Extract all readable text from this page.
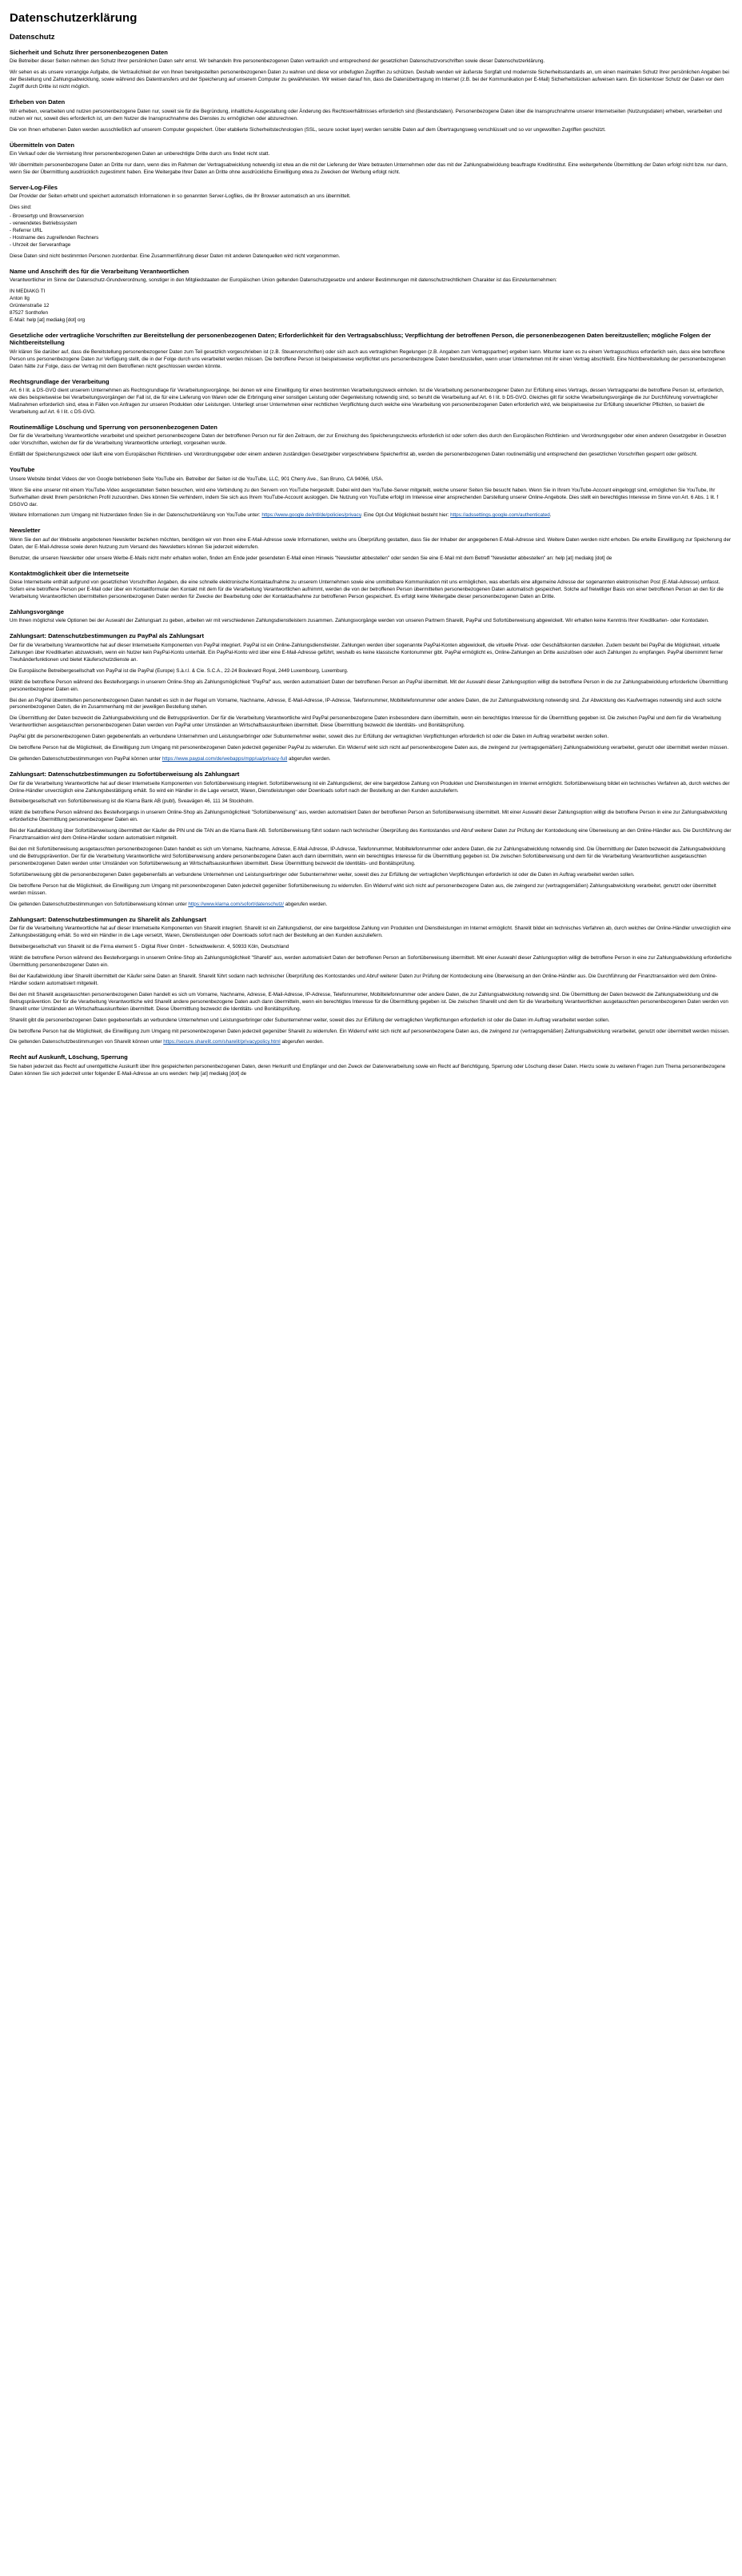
Datenschutzerklärung
Datenschutz
Sicherheit und Schutz Ihrer personenbezogenen Daten

Die Betreiber dieser Seiten nehmen den Schutz Ihrer persönlichen Daten sehr ernst. Wir behandeln Ihre personenbezogenen Daten vertraulich und entsprechend der gesetzlichen Datenschutzvorschriften sowie dieser Datenschutzerklärung.

Wir sehen es als unsere vorrangige Aufgabe, die Vertraulichkeit der von Ihnen bereitgestellten personenbezogenen Daten zu wahren und diese vor unbefugten Zugriffen zu schützen. Deshalb wenden wir äußerste Sorgfalt und modernste Sicherheitsstandards an, um einen maximalen Schutz Ihrer persönlichen Angaben bei der Bestellung und Zahlungsabwicklung, sowie während des Datentransfers und der Speicherung auf unserem Computer zu gewährleisten. Wir weisen darauf hin, dass die Datenübertragung im Internet (z.B. bei der Kommunikation per E-Mail) Sicherheitslücken aufweisen kann. Ein lückenloser Schutz der Daten vor dem Zugriff durch Dritte ist nicht möglich.

Erheben von Daten

Wir erheben, verarbeiten und nutzen personenbezogene Daten nur, soweit sie für die Begründung, inhaltliche Ausgestaltung oder Änderung des Rechtsverhältnisses erforderlich sind (Bestandsdaten). Personenbezogene Daten über die Inanspruchnahme unserer Internetseiten (Nutzungsdaten) erheben, verarbeiten und nutzen wir nur, soweit dies erforderlich ist, um dem Nutzer die Inanspruchnahme des Dienstes zu ermöglichen oder abzurechnen.

Die von Ihnen erhobenen Daten werden ausschließlich auf unserem Computer gespeichert. Über etablierte Sicherheitstechnologien (SSL, secure socket layer) werden sensible Daten auf dem Übertragungsweg verschlüsselt und so vor ungewollten Zugriffen geschützt.

Übermitteln von Daten

Ein Verkauf oder die Vermietung Ihrer personenbezogenen Daten an unberechtigte Dritte durch uns findet nicht statt.

Wir übermitteln personenbezogene Daten an Dritte nur dann, wenn dies im Rahmen der Vertragsabwicklung notwendig ist etwa an die mit der Lieferung der Ware betrauten Unternehmen oder das mit der Zahlungsabwicklung beauftragte Kreditinstitut. Eine weitergehende Übermittlung der Daten erfolgt nicht bzw. nur dann, wenn Sie der Übermittlung ausdrücklich zugestimmt haben. Eine Weitergabe Ihrer Daten an Dritte ohne ausdrückliche Einwilligung etwa zu Zwecken der Werbung erfolgt nicht.

Server-Log-Files

Der Provider der Seiten erhebt und speichert automatisch Informationen in so genannten Server-Logfiles, die Ihr Browser automatisch an uns übermittelt.

Dies sind:

- Browsertyp und Browserversion
- verwendetes Betriebssystem
- Referrer URL
- Hostname des zugreifenden Rechners
- Uhrzeit der Serveranfrage

Diese Daten sind nicht bestimmten Personen zuordenbar. Eine Zusammenführung dieser Daten mit anderen Datenquellen wird nicht vorgenommen.

Name und Anschrift des für die Verarbeitung Verantwortlichen

Verantwortlicher im Sinne der Datenschutz-Grundverordnung, sonstiger in den Mitgliedstaaten der Europäischen Union geltenden Datenschutzgesetze und anderer Bestimmungen mit datenschutzrechtlichem Charakter ist das Einzelunternehmen:

IN MEDIAKG TI
Anton Ilg
Grüntenstraße 12
87527 Sonthofen
E-Mail: help [at] mediakg [dot] org
Gesetzliche oder vertragliche Vorschriften zur Bereitstellung der personenbezogenen Daten; Erforderlichkeit für den Vertragsabschluss; Verpflichtung der betroffenen Person, die personenbezogenen Daten bereitzustellen; mögliche Folgen der Nichtbereitstellung

Wir klären Sie darüber auf, dass die Bereitstellung personenbezogener Daten zum Teil gesetzlich vorgeschrieben ist (z.B. Steuervorschriften) oder sich auch aus vertraglichen Regelungen (z.B. Angaben zum Vertragspartner) ergeben kann. Mitunter kann es zu einem Vertragsschluss erforderlich sein, dass eine betroffene Person uns personenbezogene Daten zur Verfügung stellt, die in der Folge durch uns verarbeitet werden müssen. Die betroffene Person ist beispielsweise verpflichtet uns personenbezogene Daten bereitzustellen, wenn unser Unternehmen mit ihr einen Vertrag abschließt. Eine Nichtbereitstellung der personenbezogenen Daten hätte zur Folge, dass der Vertrag mit dem Betroffenen nicht geschlossen werden könnte.

Rechtsgrundlage der Verarbeitung

Art. 6 I lit. a DS-GVO dient unserem Unternehmen als Rechtsgrundlage für Verarbeitungsvorgänge, bei denen wir eine Einwilligung für einen bestimmten Verarbeitungszweck einholen. Ist die Verarbeitung personenbezogener Daten zur Erfüllung eines Vertrags, dessen Vertragspartei die betroffene Person ist, erforderlich, wie dies beispielsweise bei Verarbeitungsvorgängen der Fall ist, die für eine Lieferung von Waren oder die Erbringung einer sonstigen Leistung oder Gegenleistung notwendig sind, so beruht die Verarbeitung auf Art. 6 I lit. b DS-GVO. Gleiches gilt für solche Verarbeitungsvorgänge die zur Durchführung vorvertraglicher Maßnahmen erforderlich sind, etwa in Fällen von Anfragen zur unseren Produkten oder Leistungen. Unterliegt unser Unternehmen einer rechtlichen Verpflichtung durch welche eine Verarbeitung von personenbezogenen Daten erforderlich wird, wie beispielsweise zur Erfüllung steuerlicher Pflichten, so basiert die Verarbeitung auf Art. 6 I lit. c DS-GVO.

Routinemäßige Löschung und Sperrung von personenbezogenen Daten

Der für die Verarbeitung Verantwortliche verarbeitet und speichert personenbezogene Daten der betroffenen Person nur für den Zeitraum, der zur Erreichung des Speicherungszwecks erforderlich ist oder sofern dies durch den Europäischen Richtlinien- und Verordnungsgeber oder einen anderen Gesetzgeber in Gesetzen oder Vorschriften, welchen der für die Verarbeitung Verantwortliche unterliegt, vorgesehen wurde.

Entfällt der Speicherungszweck oder läuft eine vom Europäischen Richtlinien- und Verordnungsgeber oder einem anderen zuständigen Gesetzgeber vorgeschriebene Speicherfrist ab, werden die personenbezogenen Daten routinemäßig und entsprechend den gesetzlichen Vorschriften gesperrt oder gelöscht.

YouTube

Unsere Website bindet Videos der von Google betriebenen Seite YouTube ein. Betreiber der Seiten ist die YouTube, LLC, 901 Cherry Ave., San Bruno, CA 94066, USA.

Wenn Sie eine unserer mit einem YouTube-Video ausgestatteten Seiten besuchen, wird eine Verbindung zu den Servern von YouTube hergestellt. Dabei wird dem YouTube-Server mitgeteilt, welche unserer Seiten Sie besucht haben. Wenn Sie in Ihrem YouTube-Account eingeloggt sind, ermöglichen Sie YouTube, Ihr Surfverhalten direkt Ihrem persönlichen Profil zuzuordnen. Dies können Sie verhindern, indem Sie sich aus Ihrem YouTube-Account ausloggen. Die Nutzung von YouTube erfolgt im Interesse einer ansprechenden Darstellung unserer Online-Angebote. Dies stellt ein berechtigtes Interesse im Sinne von Art. 6 Abs. 1 lit. f DSGVO dar.

Weitere Informationen zum Umgang mit Nutzerdaten finden Sie in der Datenschutzerklärung von YouTube unter: https://www.google.de/intl/de/policies/privacy. Eine Opt-Out Möglichkeit besteht hier: https://adssettings.google.com/authenticated.

Newsletter

Wenn Sie den auf der Webseite angebotenen Newsletter beziehen möchten, benötigen wir von Ihnen eine E-Mail-Adresse sowie Informationen, welche uns Überprüfung gestatten, dass Sie der Inhaber der angegebenen E-Mail-Adresse sind. Weitere Daten werden nicht erhoben. Die erteilte Einwilligung zur Speicherung der Daten, der E-Mail-Adresse sowie deren Nutzung zum Versand des Newsletters können Sie jederzeit widerrufen.

Benutzer, die unseren Newsletter oder unsere Werbe-E-Mails nicht mehr erhalten wollen, finden am Ende jeder gesendeten E-Mail einen Hinweis "Newsletter abbestellen" oder senden Sie eine E-Mail mit dem Betreff "Newsletter abbestellen" an: help [at] mediakg [dot] de

Kontaktmöglichkeit über die Internetseite

Diese Internetseite enthält aufgrund von gesetzlichen Vorschriften Angaben, die eine schnelle elektronische Kontaktaufnahme zu unserem Unternehmen sowie eine unmittelbare Kommunikation mit uns ermöglichen, was ebenfalls eine allgemeine Adresse der sogenannten elektronischen Post (E-Mail-Adresse) umfasst. Sofern eine betroffene Person per E-Mail oder über ein Kontaktformular den Kontakt mit dem für die Verarbeitung Verantwortlichen aufnimmt, werden die von der betroffenen Person übermittelten personenbezogenen Daten automatisch gespeichert. Solche auf freiwilliger Basis von einer betroffenen Person an den für die Verarbeitung Verantwortlichen übermittelten personenbezogenen Daten werden für Zwecke der Bearbeitung oder der Kontaktaufnahme zur betroffenen Person gespeichert. Es erfolgt keine Weitergabe dieser personenbezogenen Daten an Dritte.

Zahlungsvorgänge

Um Ihnen möglichst viele Optionen bei der Auswahl der Zahlungsart zu geben, arbeiten wir mit verschiedenen Zahlungsdienstleistern zusammen. Zahlungsvorgänge werden von unseren Partnern Sharelit, PayPal und Sofortüberweisung abgewickelt. Wir erhalten keine Kenntnis Ihrer Kreditkarten- oder Kontodaten.

Zahlungsart: Datenschutzbestimmungen zu PayPal als Zahlungsart

Der für die Verarbeitung Verantwortliche hat auf dieser Internetseite Komponenten von PayPal integriert. PayPal ist ein Online-Zahlungsdienstleister. Zahlungen werden über sogenannte PayPal-Konten abgewickelt, die virtuelle Privat- oder Geschäftskonten darstellen. Zudem besteht bei PayPal die Möglichkeit, virtuelle Zahlungen über Kreditkarten abzuwickeln, wenn ein Nutzer kein PayPal-Konto unterhält. Ein PayPal-Konto wird über eine E-Mail-Adresse geführt, weshalb es keine klassische Kontonummer gibt. PayPal ermöglicht es, Online-Zahlungen an Dritte auszulösen oder auch Zahlungen zu empfangen. PayPal übernimmt ferner Treuhänderfunktionen und bietet Käuferschutzdienste an.

Die Europäische Betreibergesellschaft von PayPal ist die PayPal (Europe) S.à.r.l. & Cie. S.C.A., 22-24 Boulevard Royal, 2449 Luxembourg, Luxemburg.

Wählt die betroffene Person während des Bestellvorgangs in unserem Online-Shop als Zahlungsmöglichkeit "PayPal" aus, werden automatisiert Daten der betroffenen Person an PayPal übermittelt. Mit der Auswahl dieser Zahlungsoption willigt die betroffene Person in die zur Zahlungsabwicklung erforderliche Übermittlung personenbezogener Daten ein.

Bei den an PayPal übermittelten personenbezogenen Daten handelt es sich in der Regel um Vorname, Nachname, Adresse, E-Mail-Adresse, IP-Adresse, Telefonnummer, Mobiltelefonnummer oder andere Daten, die zur Zahlungsabwicklung notwendig sind. Zur Abwicklung des Kaufvertrages notwendig sind auch solche personenbezogenen Daten, die im Zusammenhang mit der jeweiligen Bestellung stehen.

Die Übermittlung der Daten bezweckt die Zahlungsabwicklung und die Betrugsprävention. Der für die Verarbeitung Verantwortliche wird PayPal personenbezogene Daten insbesondere dann übermitteln, wenn ein berechtigtes Interesse für die Übermittlung gegeben ist. Die zwischen PayPal und dem für die Verarbeitung Verantwortlichen ausgetauschten personenbezogenen Daten werden von PayPal unter Umständen an Wirtschaftsauskunfteien übermittelt. Diese Übermittlung bezweckt die Identitäts- und Bonitätsprüfung.

PayPal gibt die personenbezogenen Daten gegebenenfalls an verbundene Unternehmen und Leistungserbringer oder Subunternehmer weiter, soweit dies zur Erfüllung der vertraglichen Verpflichtungen erforderlich ist oder die Daten im Auftrag verarbeitet werden sollen.

Die betroffene Person hat die Möglichkeit, die Einwilligung zum Umgang mit personenbezogenen Daten jederzeit gegenüber PayPal zu widerrufen. Ein Widerruf wirkt sich nicht auf personenbezogene Daten aus, die zwingend zur (vertragsgemäßen) Zahlungsabwicklung verarbeitet, genutzt oder übermittelt werden müssen.

Die geltenden Datenschutzbestimmungen von PayPal können unter https://www.paypal.com/de/webapps/mpp/ua/privacy-full abgerufen werden.

Zahlungsart: Datenschutzbestimmungen zu Sofortüberweisung als Zahlungsart

Der für die Verarbeitung Verantwortliche hat auf dieser Internetseite Komponenten von Sofortüberweisung integriert. Sofortüberweisung ist ein Zahlungsdienst, der eine bargeldlose Zahlung von Produkten und Dienstleistungen im Internet ermöglicht. Sofortüberweisung bildet ein technisches Verfahren ab, durch welches der Online-Händler unverzüglich eine Zahlungsbestätigung erhält. So wird ein Händler in die Lage versetzt, Waren, Dienstleistungen oder Downloads sofort nach der Bestellung an den Kunden auszuliefern.

Betreibergesellschaft von Sofortüberweisung ist die Klarna Bank AB (publ), Sveavägen 46, 111 34 Stockholm.

Wählt die betroffene Person während des Bestellvorgangs in unserem Online-Shop als Zahlungsmöglichkeit "Sofortüberweisung" aus, werden automatisiert Daten der betroffenen Person an Sofortüberweisung übermittelt. Mit einer Auswahl dieser Zahlungsoption willigt die betroffene Person in eine zur Zahlungsabwicklung erforderliche Übermittlung personenbezogener Daten ein.

Bei der Kaufabwicklung über Sofortüberweisung übermittelt der Käufer die PIN und die TAN an die Klarna Bank AB. Sofortüberweisung führt sodann nach technischer Überprüfung des Kontostandes und Abruf weiterer Daten zur Prüfung der Kontodeckung eine Überweisung an den Online-Händler aus. Die Durchführung der Finanztransaktion wird dem Online-Händler sodann automatisiert mitgeteilt.

Bei den mit Sofortüberweisung ausgetauschten personenbezogenen Daten handelt es sich um Vorname, Nachname, Adresse, E-Mail-Adresse, IP-Adresse, Telefonnummer, Mobiltelefonnummer oder andere Daten, die zur Zahlungsabwicklung notwendig sind. Die Übermittlung der Daten bezweckt die Zahlungsabwicklung und die Betrugsprävention. Der für die Verarbeitung Verantwortliche wird Sofortüberweisung andere personenbezogene Daten auch dann übermitteln, wenn ein berechtigtes Interesse für die Übermittlung gegeben ist. Die zwischen Sofortüberweisung und dem für die Verarbeitung Verantwortlichen ausgetauschten personenbezogenen Daten werden unter Umständen von Sofortüberweisung an Wirtschaftsauskunfteien übermittelt. Diese Übermittlung bezweckt die Identitäts- und Bonitätsprüfung.

Sofortüberweisung gibt die personenbezogenen Daten gegebenenfalls an verbundene Unternehmen und Leistungserbringer oder Subunternehmer weiter, soweit dies zur Erfüllung der vertraglichen Verpflichtungen erforderlich ist oder die Daten im Auftrag verarbeitet werden sollen.

Die betroffene Person hat die Möglichkeit, die Einwilligung zum Umgang mit personenbezogenen Daten jederzeit gegenüber Sofortüberweisung zu widerrufen. Ein Widerruf wirkt sich nicht auf personenbezogene Daten aus, die zwingend zur (vertragsgemäßen) Zahlungsabwicklung verarbeitet, genutzt oder übermittelt werden müssen.

Die geltenden Datenschutzbestimmungen von Sofortüberweisung können unter https://www.klarna.com/sofort/datenschutz/ abgerufen werden.

Zahlungsart: Datenschutzbestimmungen zu Sharelit als Zahlungsart

Der für die Verarbeitung Verantwortliche hat auf dieser Internetseite Komponenten von Sharelit integriert. Sharelit ist ein Zahlungsdienst, der eine bargeldlose Zahlung von Produkten und Dienstleistungen im Internet ermöglicht. Sharelit bildet ein technisches Verfahren ab, durch welches der Online-Händler unverzüglich eine Zahlungsbestätigung erhält. So wird ein Händler in die Lage versetzt, Waren, Dienstleistungen oder Downloads sofort nach der Bestellung an den Kunden auszuliefern.

Betreibergesellschaft von Sharelit ist die Firma element 5 - Digital River GmbH - Scheidtweilerstr. 4, 50933 Köln, Deutschland

Wählt die betroffene Person während des Bestellvorgangs in unserem Online-Shop als Zahlungsmöglichkeit "Sharelit" aus, werden automatisiert Daten der betroffenen Person an Sofortüberweisung übermittelt. Mit einer Auswahl dieser Zahlungsoption willigt die betroffene Person in eine zur Zahlungsabwicklung erforderliche Übermittlung personenbezogener Daten ein.

Bei der Kaufabwicklung über Sharelit übermittelt der Käufer seine Daten an Sharelit. Sharelit führt sodann nach technischer Überprüfung des Kontostandes und Abruf weiterer Daten zur Prüfung der Kontodeckung eine Überweisung an den Online-Händler aus. Die Durchführung der Finanztransaktion wird dem Online-Händler sodann automatisiert mitgeteilt.

Bei den mit Sharelit ausgetauschten personenbezogenen Daten handelt es sich um Vorname, Nachname, Adresse, E-Mail-Adresse, IP-Adresse, Telefonnummer, Mobiltelefonnummer oder andere Daten, die zur Zahlungsabwicklung notwendig sind. Die Übermittlung der Daten bezweckt die Zahlungsabwicklung und die Betrugsprävention. Der für die Verarbeitung Verantwortliche wird Sharelit andere personenbezogene Daten auch dann übermitteln, wenn ein berechtigtes Interesse für die Übermittlung gegeben ist. Die zwischen Sharelit und dem für die Verarbeitung Verantwortlichen ausgetauschten personenbezogenen Daten werden von Sharelit unter Umständen an Wirtschaftsauskunfteien übermittelt. Diese Übermittlung bezweckt die Identitäts- und Bonitätsprüfung.

Sharelit gibt die personenbezogenen Daten gegebenenfalls an verbundene Unternehmen und Leistungserbringer oder Subunternehmer weiter, soweit dies zur Erfüllung der vertraglichen Verpflichtungen erforderlich ist oder die Daten im Auftrag verarbeitet werden sollen.

Die betroffene Person hat die Möglichkeit, die Einwilligung zum Umgang mit personenbezogenen Daten jederzeit gegenüber Sharelit zu widerrufen. Ein Widerruf wirkt sich nicht auf personenbezogene Daten aus, die zwingend zur (vertragsgemäßen) Zahlungsabwicklung verarbeitet, genutzt oder übermittelt werden müssen.

Die geltenden Datenschutzbestimmungen von Sharelit können unter https://secure.sharelit.com/sharelit/privacypolicy.html abgerufen werden.

Recht auf Auskunft, Löschung, Sperrung

Sie haben jederzeit das Recht auf unentgeltliche Auskunft über Ihre gespeicherten personenbezogenen Daten, deren Herkunft und Empfänger und den Zweck der Datenverarbeitung sowie ein Recht auf Berichtigung, Sperrung oder Löschung dieser Daten. Hierzu sowie zu weiteren Fragen zum Thema personenbezogene Daten können Sie sich jederzeit unter folgender E-Mail-Adresse an uns wenden: help [at] mediakg [dot] de
